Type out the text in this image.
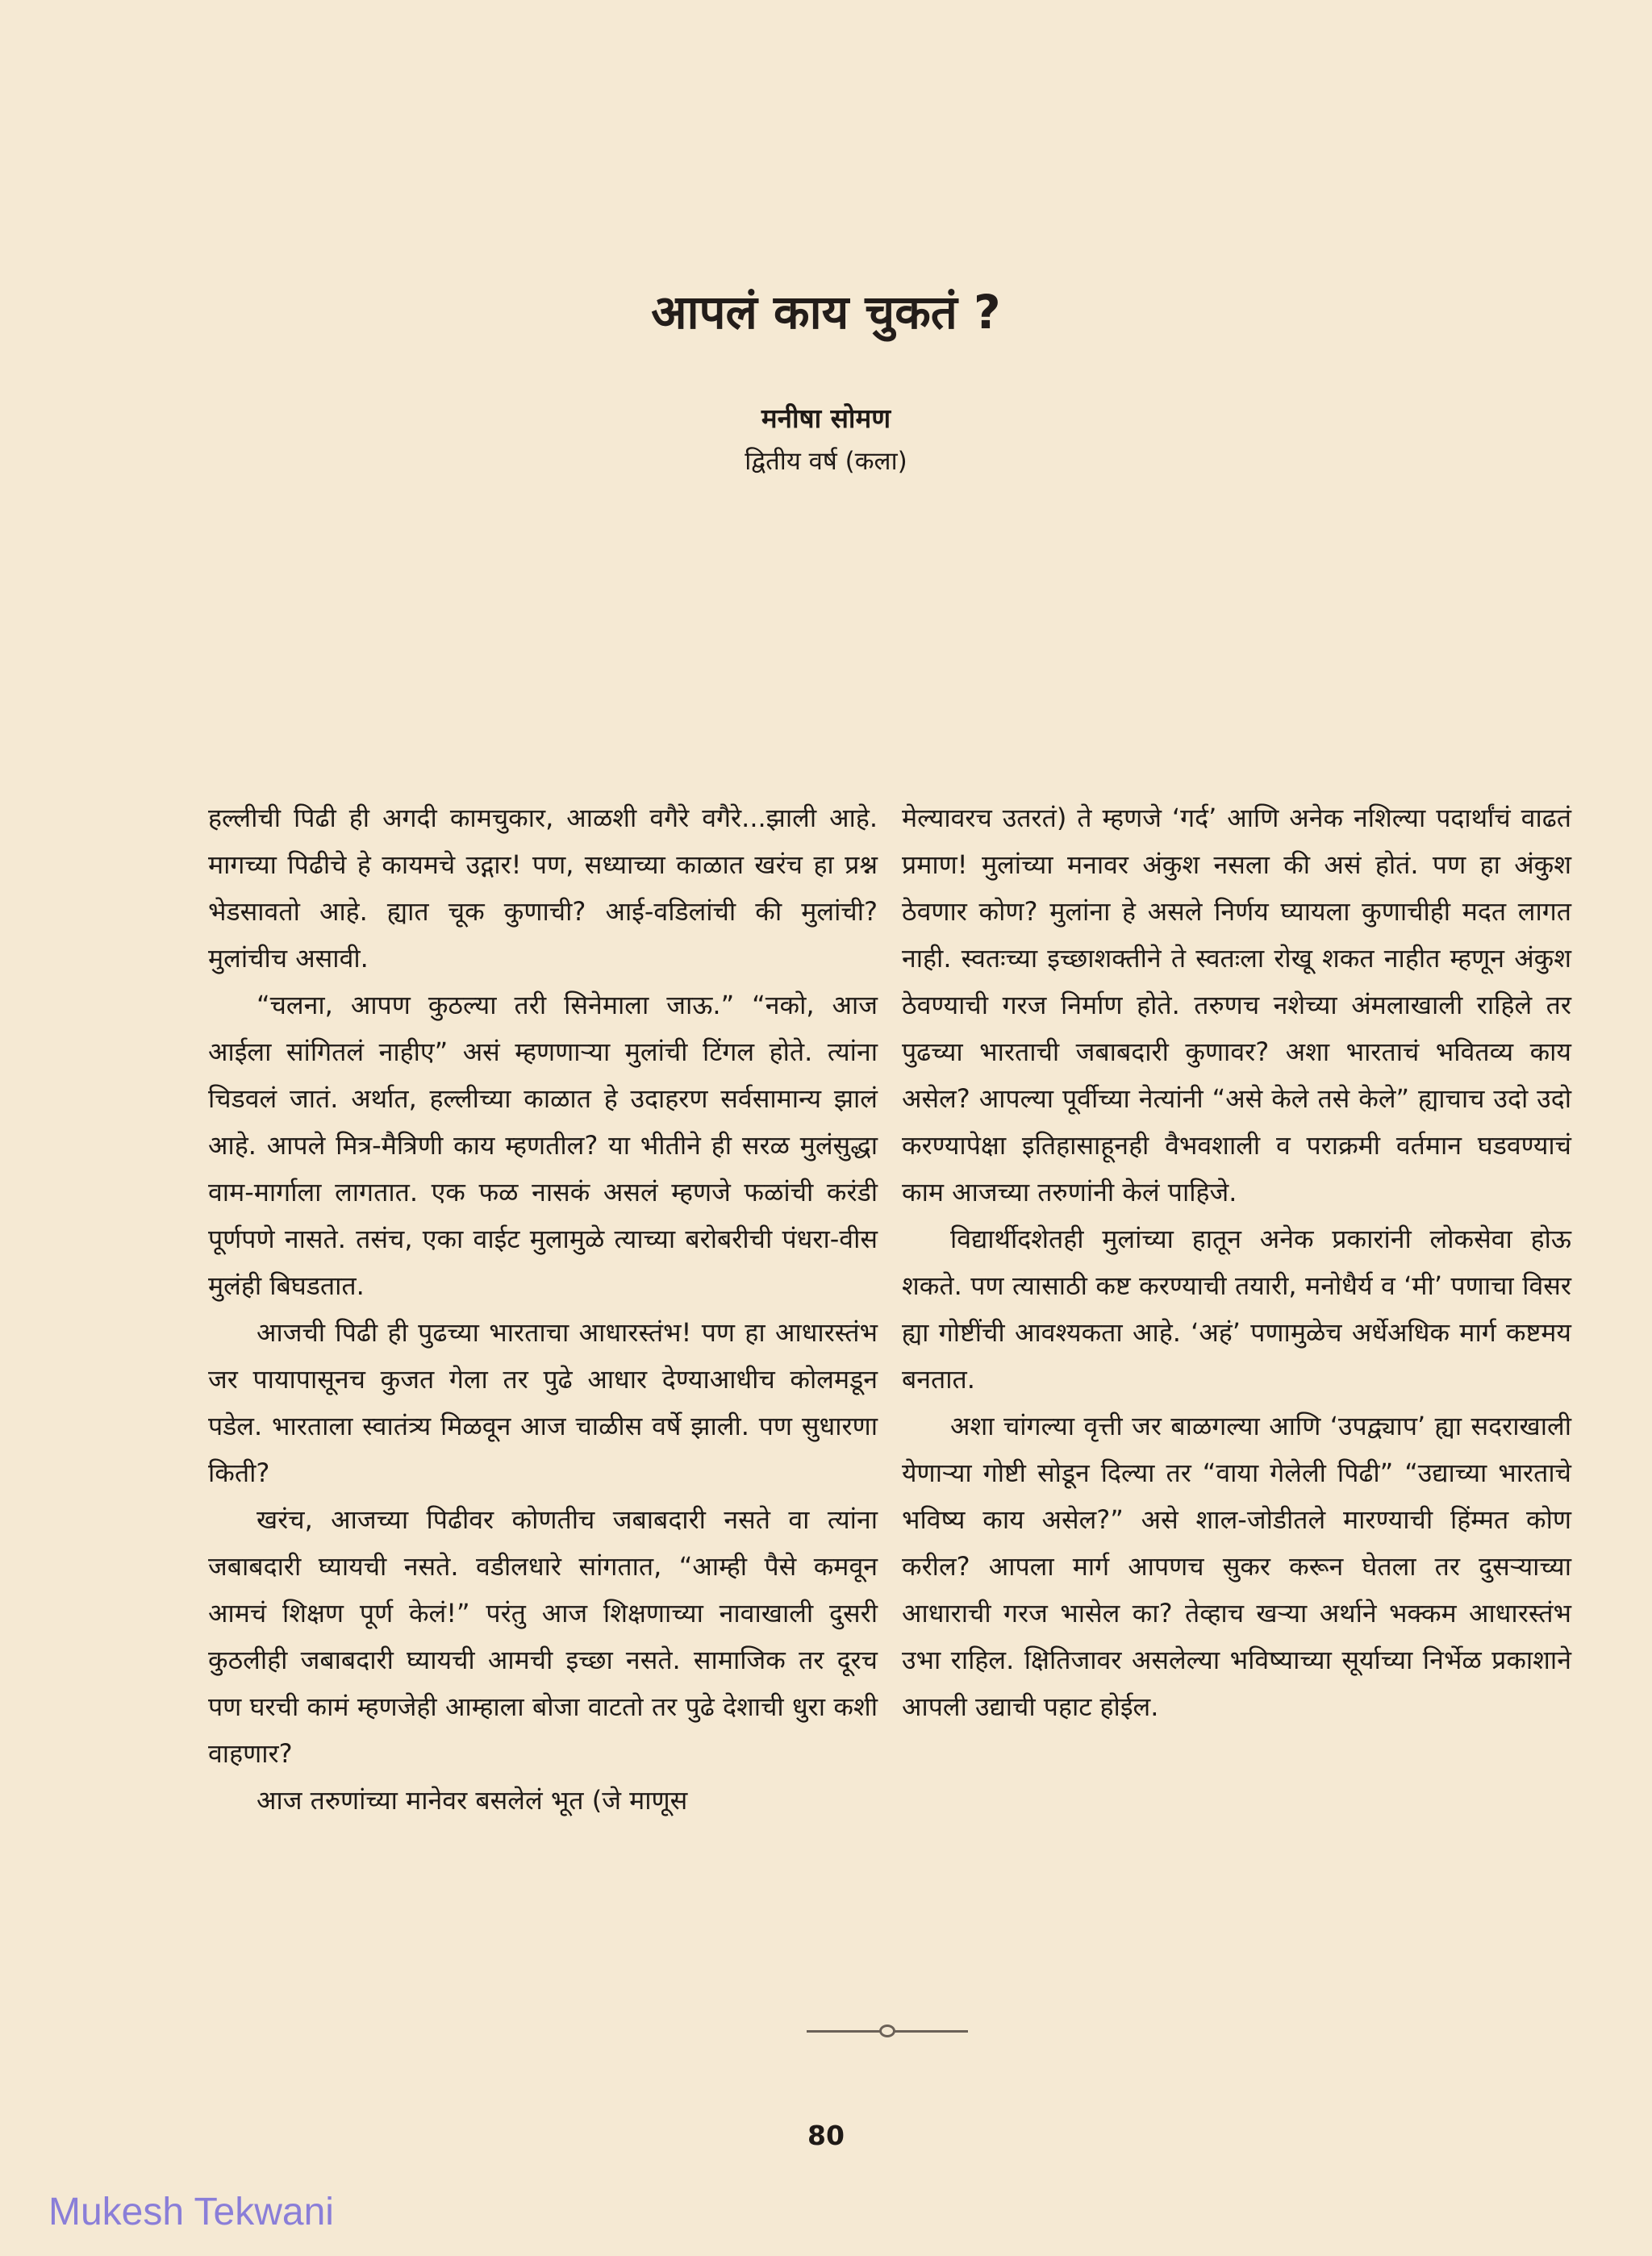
आपलं काय चुकतं ?
मनीषा सोमण
द्वितीय वर्ष (कला)

हल्लीची पिढी ही अगदी कामचुकार, आळशी वगैरे वगैरे...झाली आहे. मागच्या पिढीचे हे कायमचे उद्गार! पण, सध्याच्या काळात खरंच हा प्रश्न भेडसावतो आहे. ह्यात चूक कुणाची? आई-वडिलांची की मुलांची? मुलांचीच असावी.

“चलना, आपण कुठल्या तरी सिनेमाला जाऊ.” “नको, आज आईला सांगितलं नाहीए” असं म्हणणाऱ्या मुलांची टिंगल होते. त्यांना चिडवलं जातं. अर्थात, हल्लीच्या काळात हे उदाहरण सर्वसामान्य झालं आहे. आपले मित्र-मैत्रिणी काय म्हणतील? या भीतीने ही सरळ मुलंसुद्धा वाम-मार्गाला लागतात. एक फळ नासकं असलं म्हणजे फळांची करंडी पूर्णपणे नासते. तसंच, एका वाईट मुलामुळे त्याच्या बरोबरीची पंधरा-वीस मुलंही बिघडतात.

आजची पिढी ही पुढच्या भारताचा आधारस्तंभ! पण हा आधारस्तंभ जर पायापासूनच कुजत गेला तर पुढे आधार देण्याआधीच कोलमडून पडेल. भारताला स्वातंत्र्य मिळवून आज चाळीस वर्षे झाली. पण सुधारणा किती?

खरंच, आजच्या पिढीवर कोणतीच जबाबदारी नसते वा त्यांना जबाबदारी घ्यायची नसते. वडीलधारे सांगतात, “आम्ही पैसे कमवून आमचं शिक्षण पूर्ण केलं!” परंतु आज शिक्षणाच्या नावाखाली दुसरी कुठलीही जबाबदारी घ्यायची आमची इच्छा नसते. सामाजिक तर दूरच पण घरची कामं म्हणजेही आम्हाला बोजा वाटतो तर पुढे देशाची धुरा कशी वाहणार?

आज तरुणांच्या मानेवर बसलेलं भूत (जे माणूस

मेल्यावरच उतरतं) ते म्हणजे ‘गर्द’ आणि अनेक नशिल्या पदार्थांचं वाढतं प्रमाण! मुलांच्या मनावर अंकुश नसला की असं होतं. पण हा अंकुश ठेवणार कोण? मुलांना हे असले निर्णय घ्यायला कुणाचीही मदत लागत नाही. स्वतःच्या इच्छाशक्तीने ते स्वतःला रोखू शकत नाहीत म्हणून अंकुश ठेवण्याची गरज निर्माण होते. तरुणच नशेच्या अंमलाखाली राहिले तर पुढच्या भारताची जबाबदारी कुणावर? अशा भारताचं भवितव्य काय असेल? आपल्या पूर्वीच्या नेत्यांनी “असे केले तसे केले” ह्याचाच उदो उदो करण्यापेक्षा इतिहासाहूनही वैभवशाली व पराक्रमी वर्तमान घडवण्याचं काम आजच्या तरुणांनी केलं पाहिजे.

विद्यार्थीदशेतही मुलांच्या हातून अनेक प्रकारांनी लोकसेवा होऊ शकते. पण त्यासाठी कष्ट करण्याची तयारी, मनोधैर्य व ‘मी’ पणाचा विसर ह्या गोष्टींची आवश्यकता आहे. ‘अहं’ पणामुळेच अर्धेअधिक मार्ग कष्टमय बनतात.

अशा चांगल्या वृत्ती जर बाळगल्या आणि ‘उपद्व्याप’ ह्या सदराखाली येणाऱ्या गोष्टी सोडून दिल्या तर “वाया गेलेली पिढी” “उद्याच्या भारताचे भविष्य काय असेल?” असे शाल-जोडीतले मारण्याची हिंम्मत कोण करील? आपला मार्ग आपणच सुकर करून घेतला तर दुसऱ्याच्या आधाराची गरज भासेल का? तेव्हाच खऱ्या अर्थाने भक्कम आधारस्तंभ उभा राहिल. क्षितिजावर असलेल्या भविष्याच्या सूर्याच्या निर्भेळ प्रकाशाने आपली उद्याची पहाट होईल.

80
Mukesh Tekwani
